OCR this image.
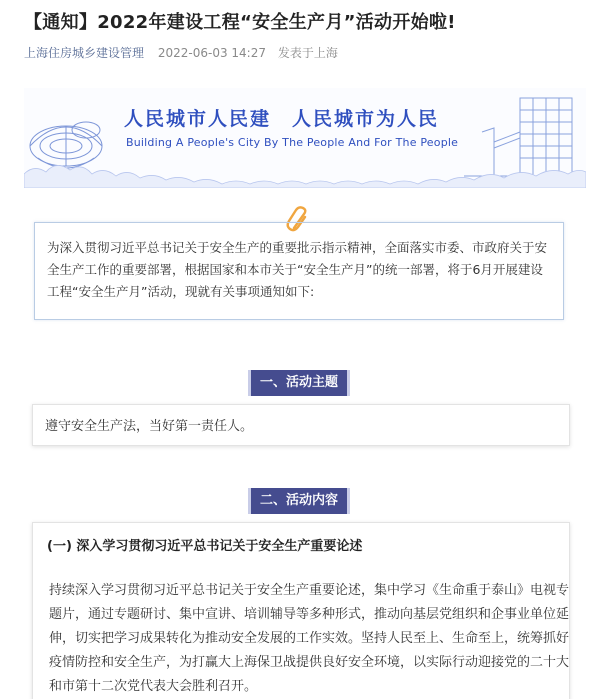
【通知】2022年建设工程“安全生产月”活动开始啦!
上海住房城乡建设管理 2022-06-03 14:27 发表于上海
人民城市人民建　人民城市为人民
Building A People's City By The People And For The People

为深入贯彻习近平总书记关于安全生产的重要批示指示精神，全面落实市委、市政府关于安全生产工作的重要部署，根据国家和本市关于“安全生产月”的统一部署，将于6月开展建设工程“安全生产月”活动，现就有关事项通知如下:

一、活动主题
遵守安全生产法，当好第一责任人。
二、活动内容
(一) 深入学习贯彻习近平总书记关于安全生产重要论述
持续深入学习贯彻习近平总书记关于安全生产重要论述，集中学习《生命重于泰山》电视专题片，通过专题研讨、集中宣讲、培训辅导等多种形式，推动向基层党组织和企事业单位延伸，切实把学习成果转化为推动安全发展的工作实效。坚持人民至上、生命至上，统筹抓好疫情防控和安全生产，为打赢大上海保卫战提供良好安全环境，以实际行动迎接党的二十大和市第十二次党代表大会胜利召开。
